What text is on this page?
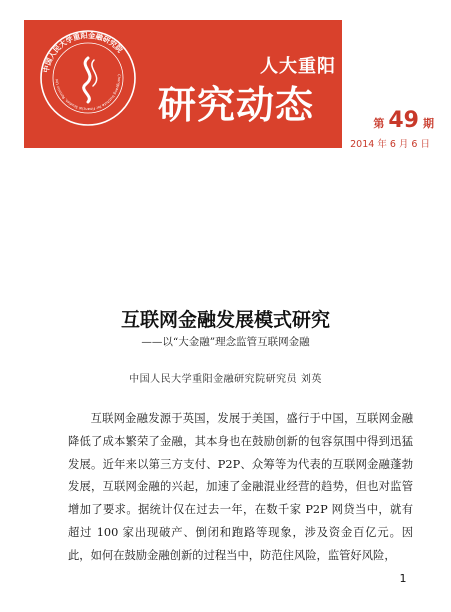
中国人民大学重阳金融研究院
Chongyang Institute for Financial Studies, Renmin Uni
人大重阳
研究动态	第 49 期
2014 年 6 月 6 日
互联网金融发展模式研究
——以“大金融”理念监管互联网金融
中国人民大学重阳金融研究院研究员 刘英

互联网金融发源于英国，发展于美国，盛行于中国，互联网金融降低了成本繁荣了金融，其本身也在鼓励创新的包容氛围中得到迅猛发展。近年来以第三方支付、P2P、众筹等为代表的互联网金融蓬勃发展，互联网金融的兴起，加速了金融混业经营的趋势，但也对监管增加了要求。据统计仅在过去一年，在数千家 P2P 网贷当中，就有超过 100 家出现破产、倒闭和跑路等现象，涉及资金百亿元。因此，如何在鼓励金融创新的过程当中，防范住风险，监管好风险，

1
